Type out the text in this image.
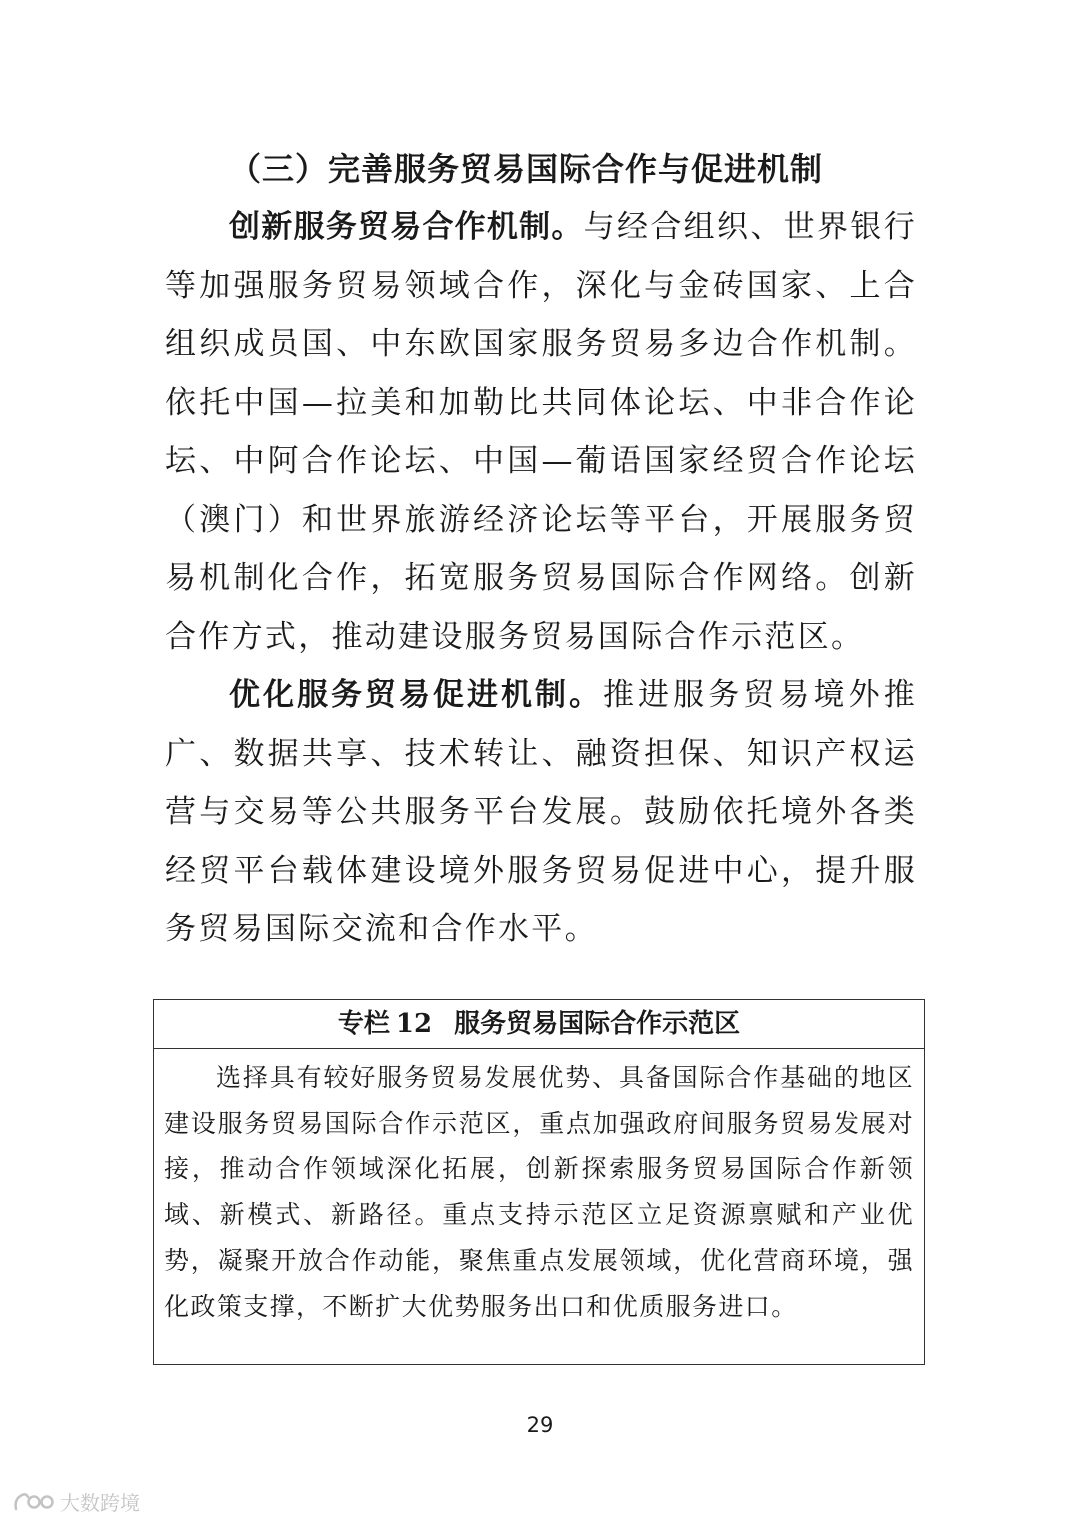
（三）完善服务贸易国际合作与促进机制

创新服务贸易合作机制。与经合组织、世界银行等加强服务贸易领域合作，深化与金砖国家、上合组织成员国、中东欧国家服务贸易多边合作机制。依托中国—拉美和加勒比共同体论坛、中非合作论坛、中阿合作论坛、中国—葡语国家经贸合作论坛（澳门）和世界旅游经济论坛等平台，开展服务贸易机制化合作，拓宽服务贸易国际合作网络。创新合作方式，推动建设服务贸易国际合作示范区。

优化服务贸易促进机制。推进服务贸易境外推广、数据共享、技术转让、融资担保、知识产权运营与交易等公共服务平台发展。鼓励依托境外各类经贸平台载体建设境外服务贸易促进中心，提升服务贸易国际交流和合作水平。

专栏 12 服务贸易国际合作示范区

选择具有较好服务贸易发展优势、具备国际合作基础的地区建设服务贸易国际合作示范区，重点加强政府间服务贸易发展对接，推动合作领域深化拓展，创新探索服务贸易国际合作新领域、新模式、新路径。重点支持示范区立足资源禀赋和产业优势，凝聚开放合作动能，聚焦重点发展领域，优化营商环境，强化政策支撑，不断扩大优势服务出口和优质服务进口。

29
大数跨境
